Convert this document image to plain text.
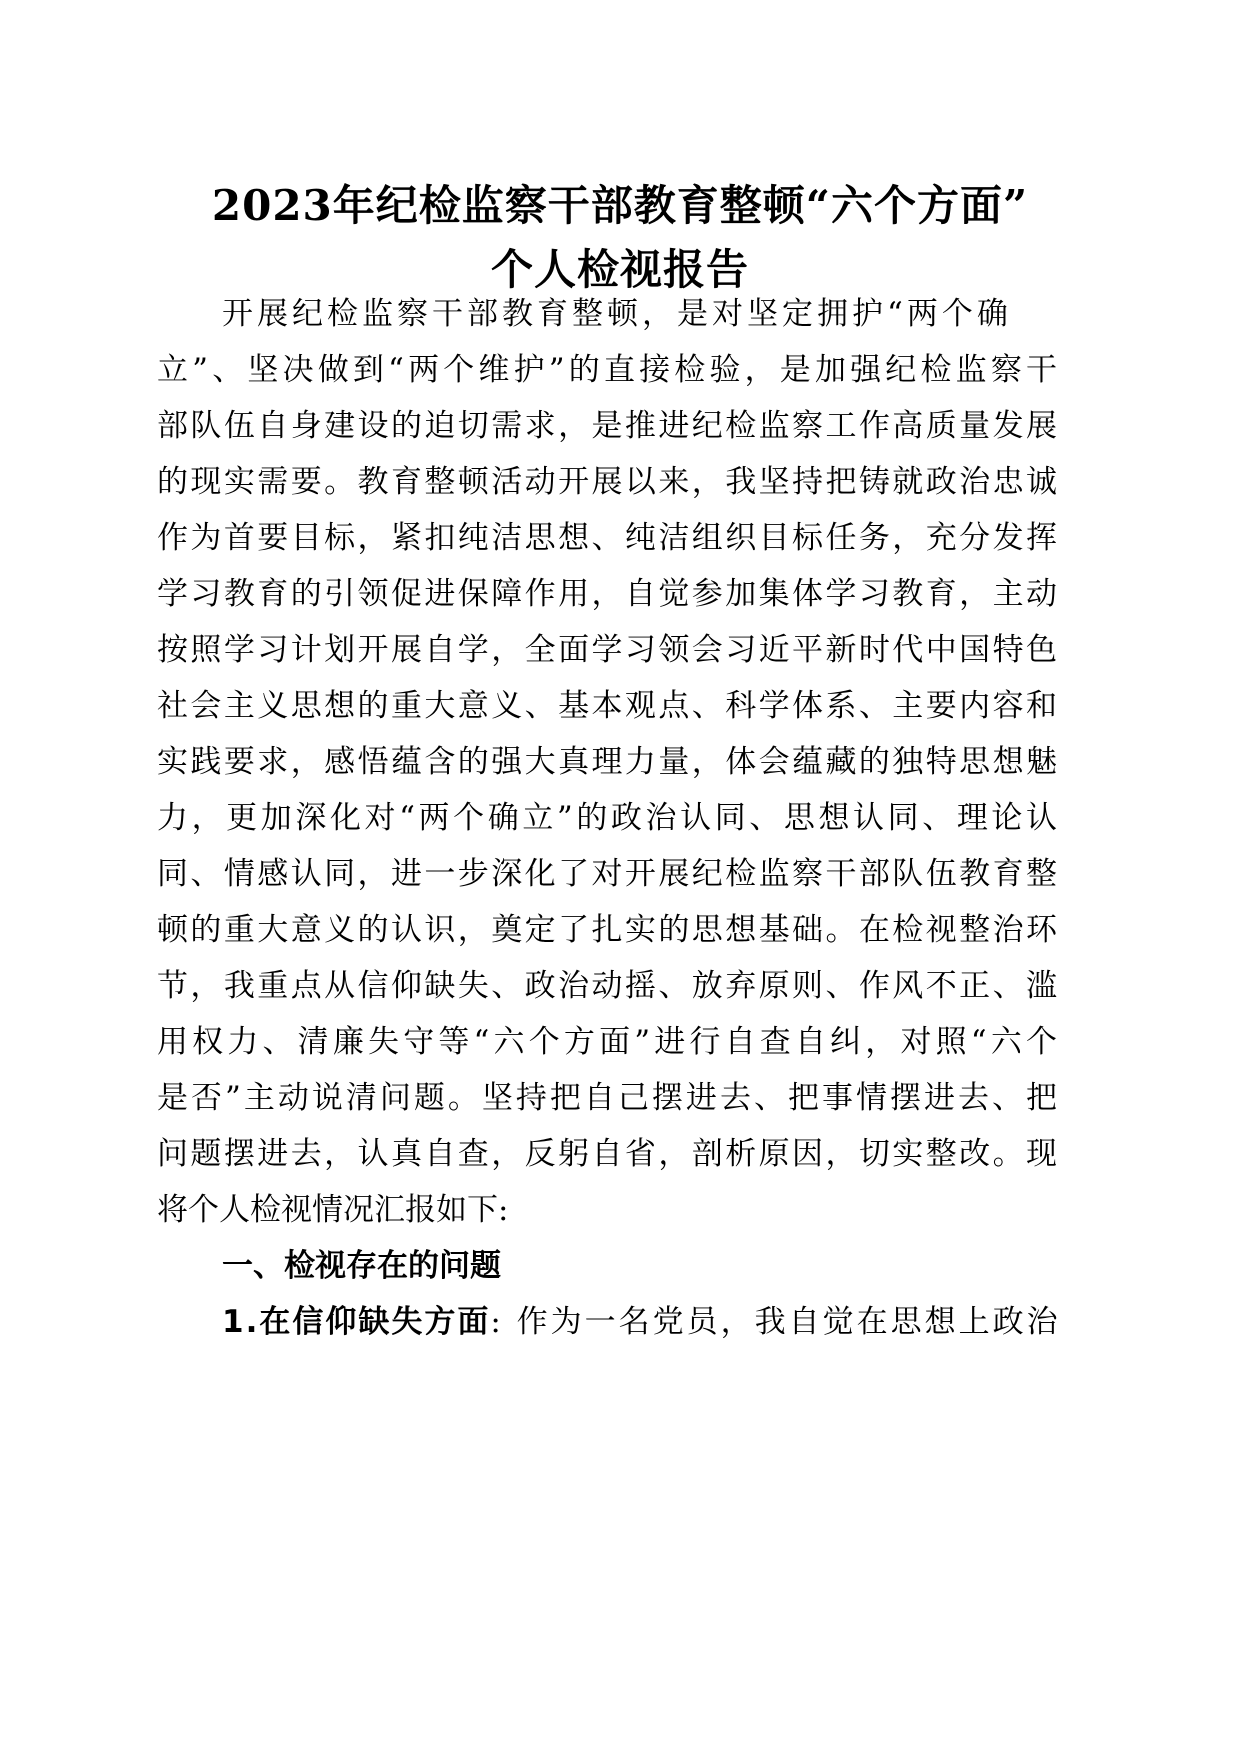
2023年纪检监察干部教育整顿“六个方面”
个人检视报告

开展纪检监察干部教育整顿，是对坚定拥护“两个确

立”、坚决做到“两个维护”的直接检验，是加强纪检监察干

部队伍自身建设的迫切需求，是推进纪检监察工作高质量发展

的现实需要。教育整顿活动开展以来，我坚持把铸就政治忠诚

作为首要目标，紧扣纯洁思想、纯洁组织目标任务，充分发挥

学习教育的引领促进保障作用，自觉参加集体学习教育，主动

按照学习计划开展自学，全面学习领会习近平新时代中国特色

社会主义思想的重大意义、基本观点、科学体系、主要内容和

实践要求，感悟蕴含的强大真理力量，体会蕴藏的独特思想魅

力，更加深化对“两个确立”的政治认同、思想认同、理论认

同、情感认同，进一步深化了对开展纪检监察干部队伍教育整

顿的重大意义的认识，奠定了扎实的思想基础。在检视整治环

节，我重点从信仰缺失、政治动摇、放弃原则、作风不正、滥

用权力、清廉失守等“六个方面”进行自查自纠，对照“六个

是否”主动说清问题。坚持把自己摆进去、把事情摆进去、把

问题摆进去，认真自查，反躬自省，剖析原因，切实整改。现

将个人检视情况汇报如下:

一、检视存在的问题

1.在信仰缺失方面: 作为一名党员，我自觉在思想上政治
